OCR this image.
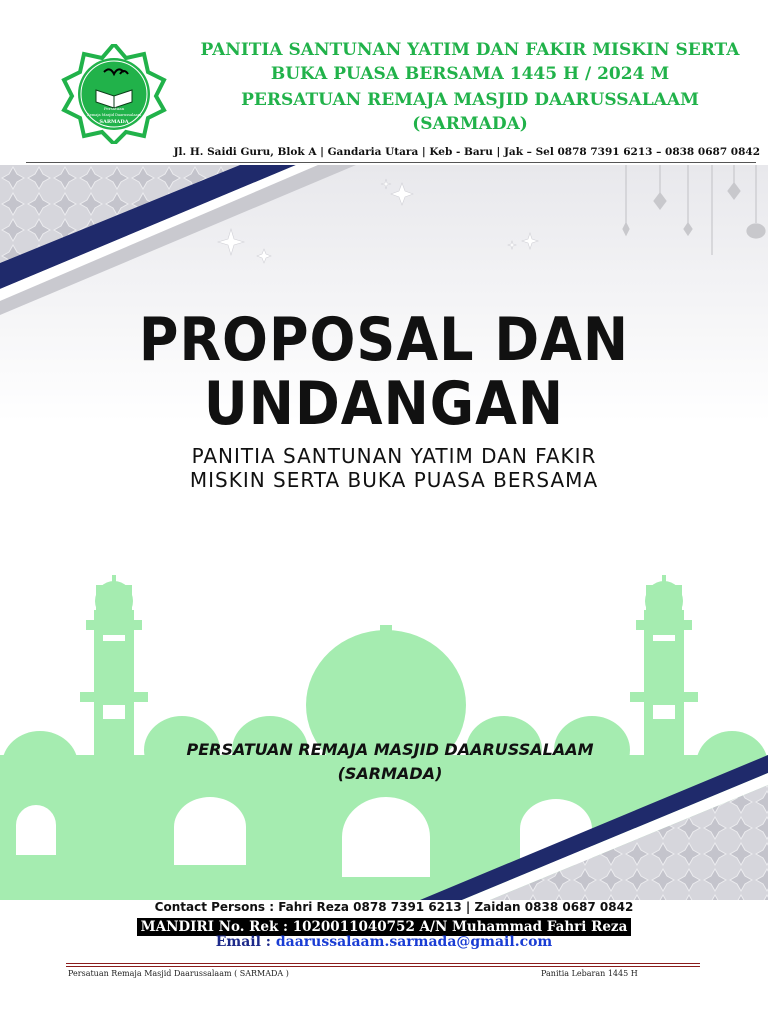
Persatuan
Remaja Masjid Daarussalaam
SARMADA
PANITIA SANTUNAN YATIM DAN FAKIR MISKIN SERTA
BUKA PUASA BERSAMA 1445 H / 2024 M
PERSATUAN REMAJA MASJID DAARUSSALAAM
(SARMADA)
Jl. H. Saidi Guru, Blok A | Gandaria Utara | Keb - Baru | Jak – Sel 0878 7391 6213 – 0838 0687 0842
PROPOSAL DAN
UNDANGAN
PANITIA SANTUNAN YATIM DAN FAKIR
MISKIN SERTA BUKA PUASA BERSAMA
PERSATUAN REMAJA MASJID DAARUSSALAAM
(SARMADA)
Contact Persons : Fahri Reza 0878 7391 6213 | Zaidan 0838 0687 0842
MANDIRI No. Rek : 1020011040752 A/N Muhammad Fahri Reza
Email : daarussalaam.sarmada@gmail.com
Persatuan Remaja Masjid Daarussalaam ( SARMADA )	Panitia Lebaran 1445 H
